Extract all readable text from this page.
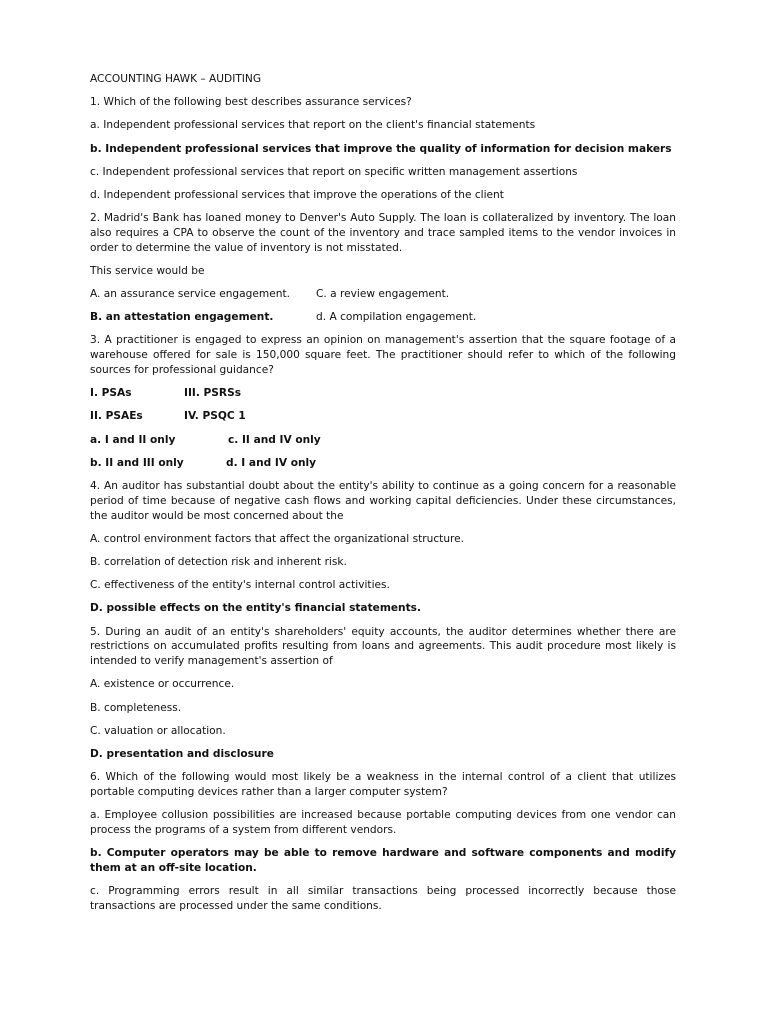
ACCOUNTING HAWK – AUDITING

1. Which of the following best describes assurance services?

a. Independent professional services that report on the client's financial statements

b. Independent professional services that improve the quality of information for decision makers

c. Independent professional services that report on specific written management assertions

d. Independent professional services that improve the operations of the client

2. Madrid's Bank has loaned money to Denver's Auto Supply. The loan is collateralized by inventory. The loan also requires a CPA to observe the count of the inventory and trace sampled items to the vendor invoices in order to determine the value of inventory is not misstated.

This service would be

A. an assurance service engagement.	C. a review engagement.
B. an attestation engagement.	d. A compilation engagement.

3. A practitioner is engaged to express an opinion on management's assertion that the square footage of a warehouse offered for sale is 150,000 square feet. The practitioner should refer to which of the following sources for professional guidance?

I. PSAs	III. PSRSs
II. PSAEs	IV. PSQC 1
a. I and II only	c. II and IV only
b. II and III only	d. I and IV only

4. An auditor has substantial doubt about the entity's ability to continue as a going concern for a reasonable period of time because of negative cash flows and working capital deficiencies. Under these circumstances, the auditor would be most concerned about the

A. control environment factors that affect the organizational structure.

B. correlation of detection risk and inherent risk.

C. effectiveness of the entity's internal control activities.

D. possible effects on the entity's financial statements.

5. During an audit of an entity's shareholders' equity accounts, the auditor determines whether there are restrictions on accumulated profits resulting from loans and agreements. This audit procedure most likely is intended to verify management's assertion of

A. existence or occurrence.

B. completeness.

C. valuation or allocation.

D. presentation and disclosure

6. Which of the following would most likely be a weakness in the internal control of a client that utilizes portable computing devices rather than a larger computer system?

a. Employee collusion possibilities are increased because portable computing devices from one vendor can process the programs of a system from different vendors.

b. Computer operators may be able to remove hardware and software components and modify them at an off-site location.

c. Programming errors result in all similar transactions being processed incorrectly because those transactions are processed under the same conditions.
